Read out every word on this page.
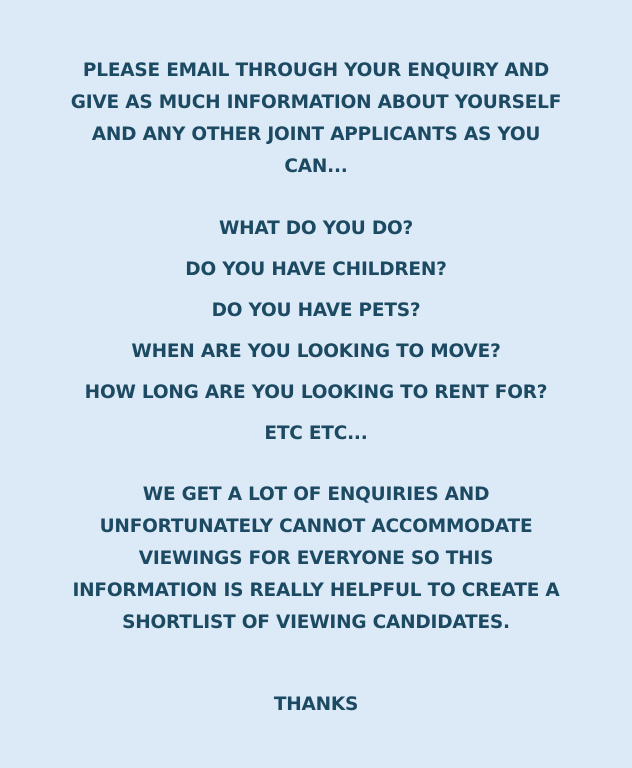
PLEASE EMAIL THROUGH YOUR ENQUIRY AND

GIVE AS MUCH INFORMATION ABOUT YOURSELF

AND ANY OTHER JOINT APPLICANTS AS YOU

CAN...

WHAT DO YOU DO?

DO YOU HAVE CHILDREN?

DO YOU HAVE PETS?

WHEN ARE YOU LOOKING TO MOVE?

HOW LONG ARE YOU LOOKING TO RENT FOR?

ETC ETC...

WE GET A LOT OF ENQUIRIES AND

UNFORTUNATELY CANNOT ACCOMMODATE

VIEWINGS FOR EVERYONE SO THIS

INFORMATION IS REALLY HELPFUL TO CREATE A

SHORTLIST OF VIEWING CANDIDATES.

THANKS
